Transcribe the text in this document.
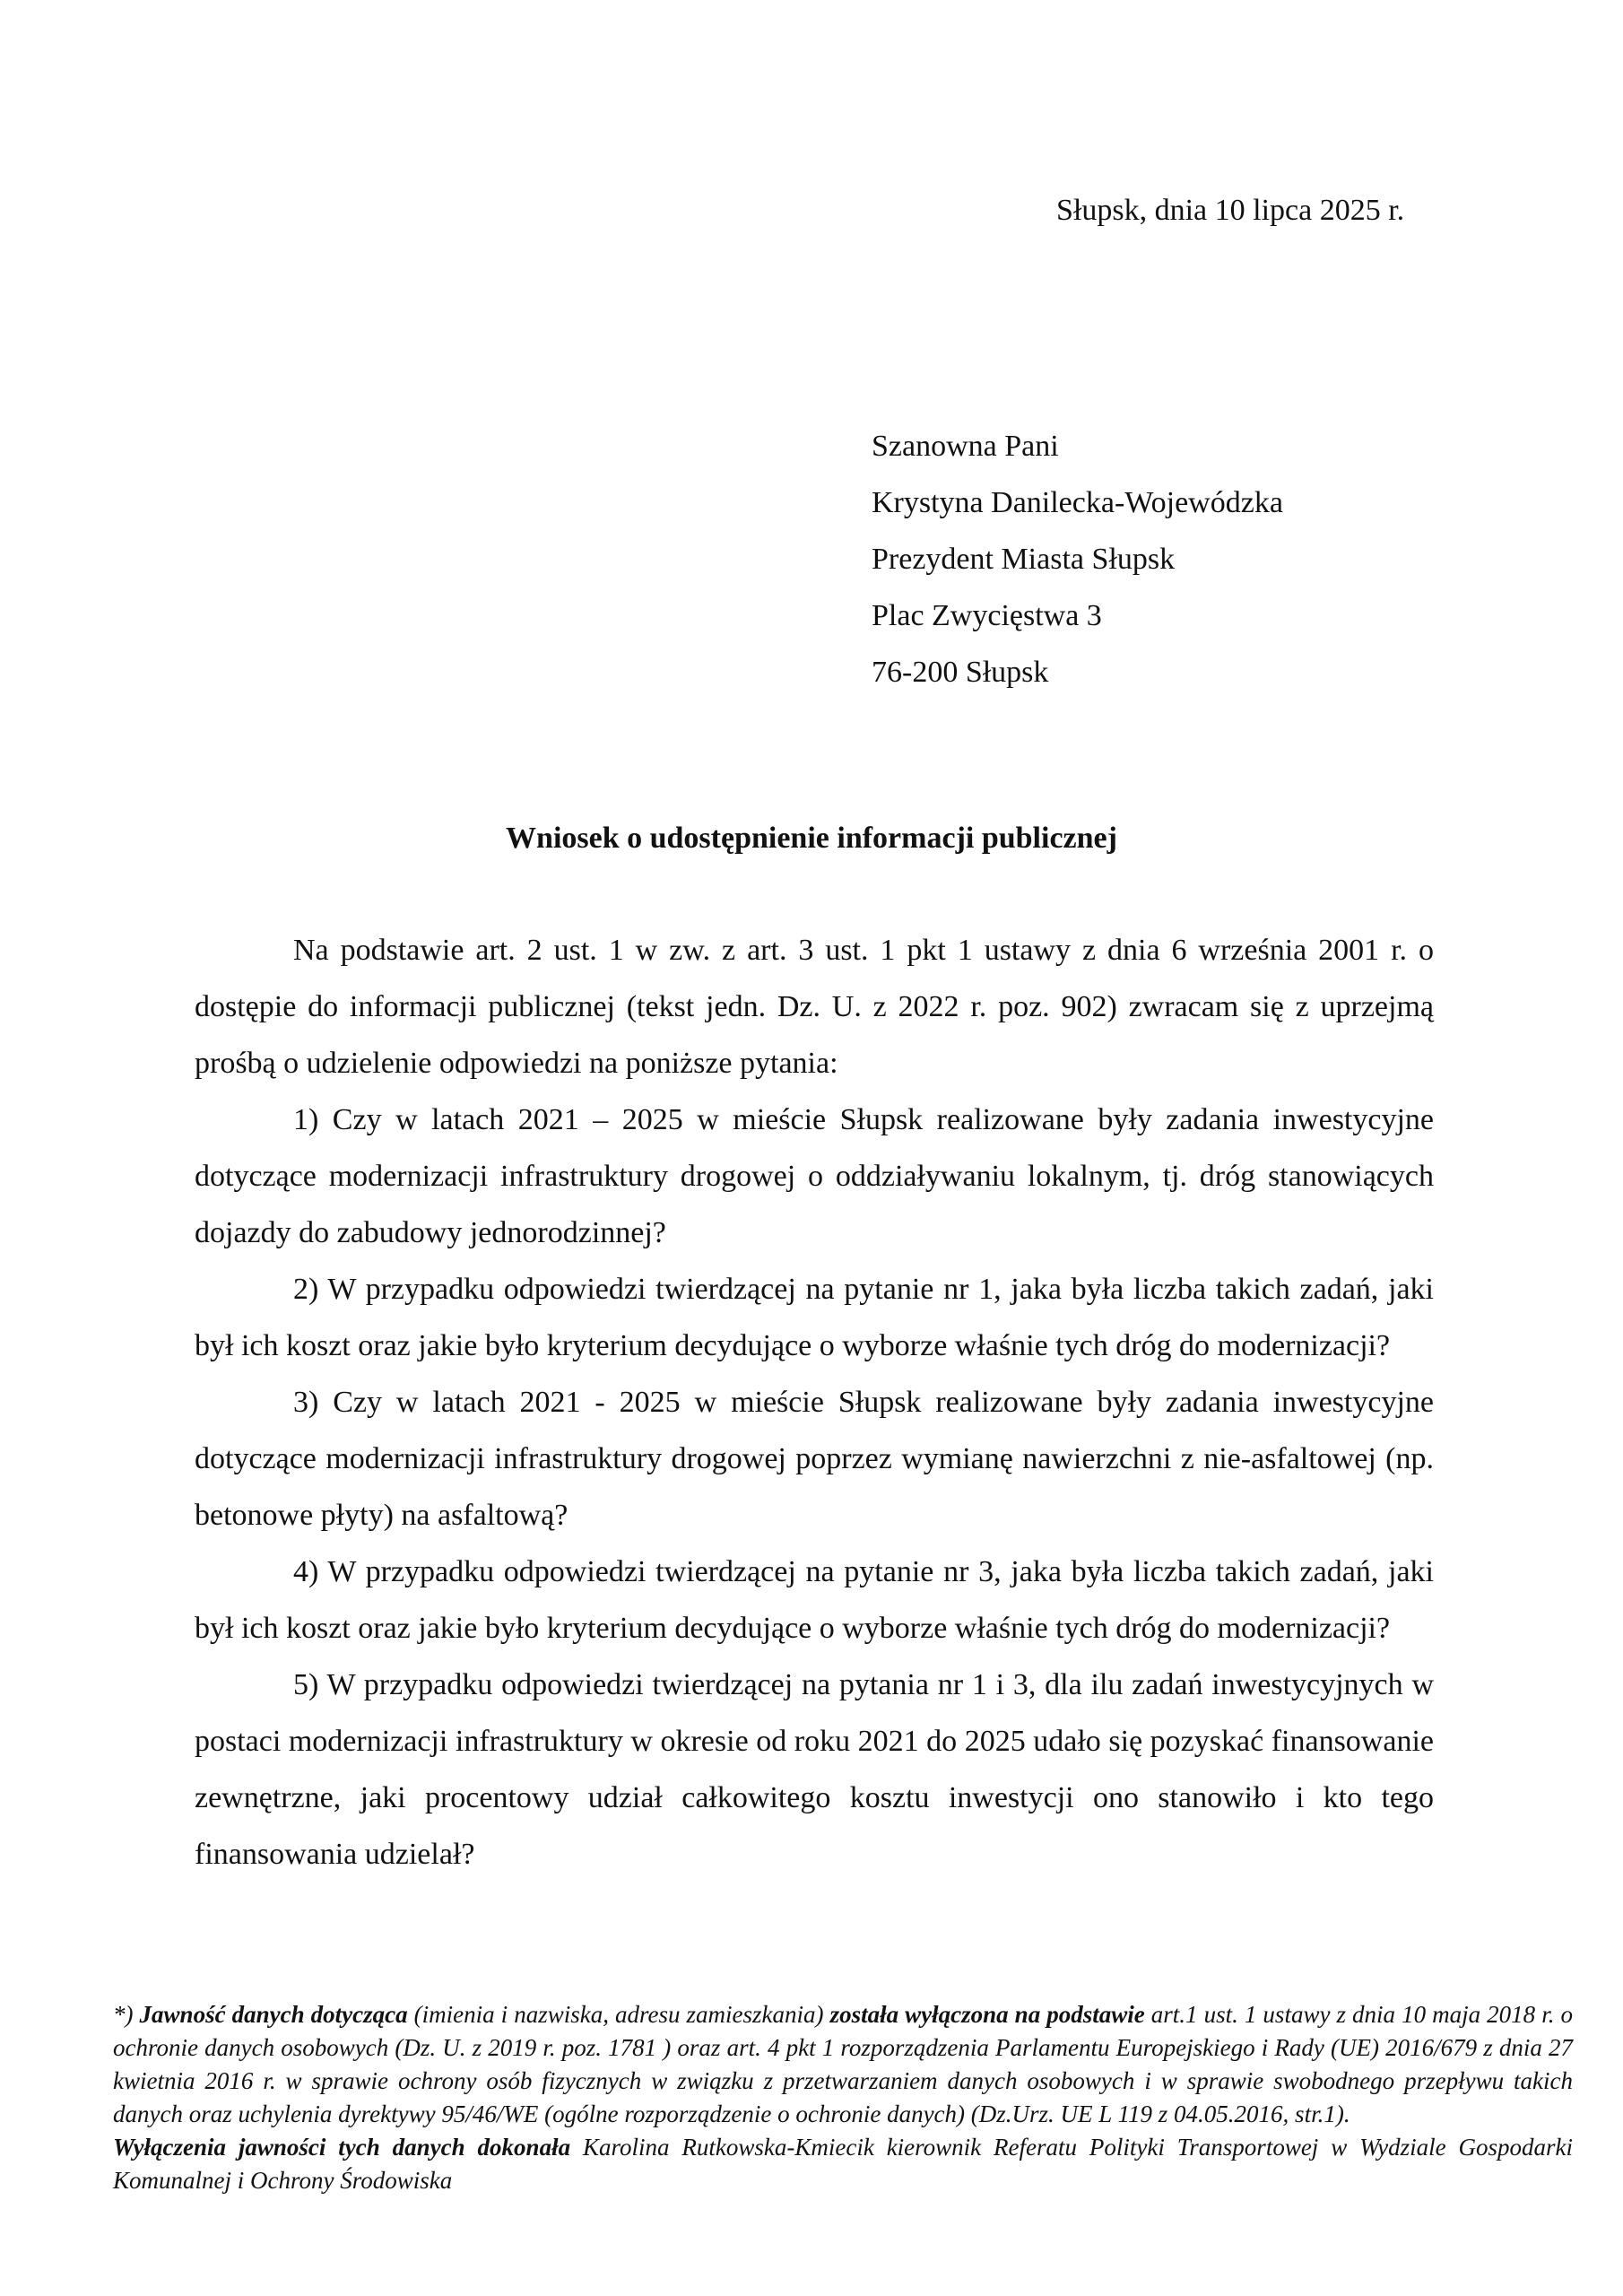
Słupsk, dnia 10 lipca 2025 r.
Szanowna Pani
Krystyna Danilecka-Wojewódzka
Prezydent Miasta Słupsk
Plac Zwycięstwa 3
76-200 Słupsk
Wniosek o udostępnienie informacji publicznej

Na podstawie art. 2 ust. 1 w zw. z art. 3 ust. 1 pkt 1 ustawy z dnia 6 września 2001 r. o dostępie do informacji publicznej (tekst jedn. Dz. U. z 2022 r. poz. 902) zwracam się z uprzejmą prośbą o udzielenie odpowiedzi na poniższe pytania:

1) Czy w latach 2021 – 2025 w mieście Słupsk realizowane były zadania inwestycyjne dotyczące modernizacji infrastruktury drogowej o oddziaływaniu lokalnym, tj. dróg stanowiących dojazdy do zabudowy jednorodzinnej?

2) W przypadku odpowiedzi twierdzącej na pytanie nr 1, jaka była liczba takich zadań, jaki był ich koszt oraz jakie było kryterium decydujące o wyborze właśnie tych dróg do modernizacji?

3) Czy w latach 2021 - 2025 w mieście Słupsk realizowane były zadania inwestycyjne dotyczące modernizacji infrastruktury drogowej poprzez wymianę nawierzchni z nie-asfaltowej (np. betonowe płyty) na asfaltową?

4) W przypadku odpowiedzi twierdzącej na pytanie nr 3, jaka była liczba takich zadań, jaki był ich koszt oraz jakie było kryterium decydujące o wyborze właśnie tych dróg do modernizacji?

5) W przypadku odpowiedzi twierdzącej na pytania nr 1 i 3, dla ilu zadań inwestycyjnych w postaci modernizacji infrastruktury w okresie od roku 2021 do 2025 udało się pozyskać finansowanie zewnętrzne, jaki procentowy udział całkowitego kosztu inwestycji ono stanowiło i kto tego finansowania udzielał?

*) Jawność danych dotycząca (imienia i nazwiska, adresu zamieszkania) została wyłączona na podstawie art.1 ust. 1 ustawy z dnia 10 maja 2018 r. o ochronie danych osobowych (Dz. U. z 2019 r. poz. 1781 ) oraz art. 4 pkt 1 rozporządzenia Parlamentu Europejskiego i Rady (UE) 2016/679 z dnia 27 kwietnia 2016 r. w sprawie ochrony osób fizycznych w związku z przetwarzaniem danych osobowych i w sprawie swobodnego przepływu takich danych oraz uchylenia dyrektywy 95/46/WE (ogólne rozporządzenie o ochronie danych) (Dz.Urz. UE L 119 z 04.05.2016, str.1).

Wyłączenia jawności tych danych dokonała Karolina Rutkowska-Kmiecik kierownik Referatu Polityki Transportowej w Wydziale Gospodarki Komunalnej i Ochrony Środowiska
